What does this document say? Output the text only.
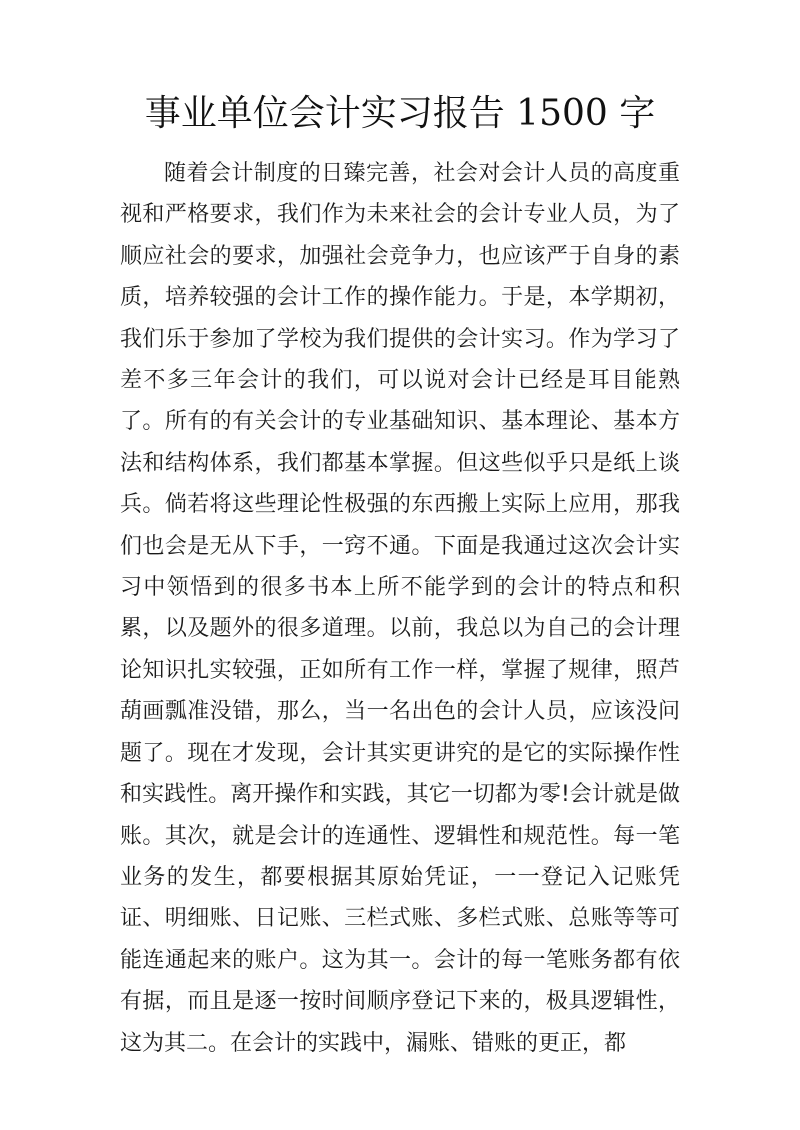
事业单位会计实习报告 1500 字

随着会计制度的日臻完善，社会对会计人员的高度重视和严格要求，我们作为未来社会的会计专业人员，为了顺应社会的要求，加强社会竞争力，也应该严于自身的素质，培养较强的会计工作的操作能力。于是，本学期初，我们乐于参加了学校为我们提供的会计实习。作为学习了差不多三年会计的我们，可以说对会计已经是耳目能熟了。所有的有关会计的专业基础知识、基本理论、基本方法和结构体系，我们都基本掌握。但这些似乎只是纸上谈兵。倘若将这些理论性极强的东西搬上实际上应用，那我们也会是无从下手，一窍不通。下面是我通过这次会计实习中领悟到的很多书本上所不能学到的会计的特点和积累，以及题外的很多道理。以前，我总以为自己的会计理论知识扎实较强，正如所有工作一样，掌握了规律，照芦葫画瓢准没错，那么，当一名出色的会计人员，应该没问题了。现在才发现，会计其实更讲究的是它的实际操作性和实践性。离开操作和实践，其它一切都为零!会计就是做账。其次，就是会计的连通性、逻辑性和规范性。每一笔业务的发生，都要根据其原始凭证，一一登记入记账凭证、明细账、日记账、三栏式账、多栏式账、总账等等可能连通起来的账户。这为其一。会计的每一笔账务都有依有据，而且是逐一按时间顺序登记下来的，极具逻辑性，这为其二。在会计的实践中，漏账、错账的更正，都
